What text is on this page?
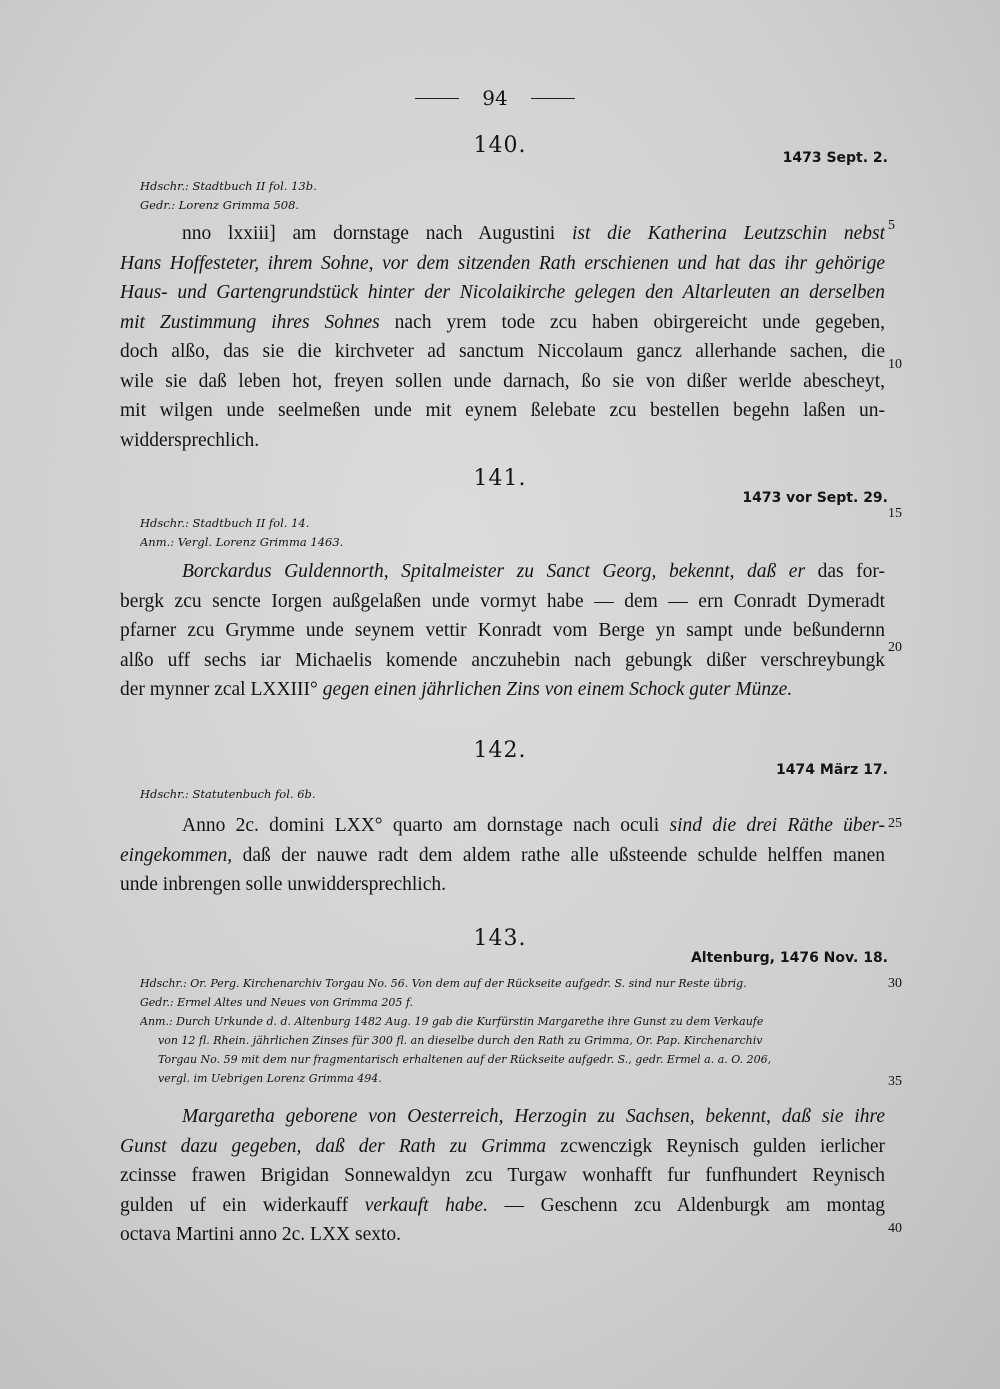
94
140.	1473 Sept. 2.
Hdschr.: Stadtbuch II fol. 13b.
Gedr.: Lorenz Grimma 508.
nno lxxiii] am dornstage nach Augustini ist die Katherina Leutzschin nebst
Hans Hoffesteter, ihrem Sohne, vor dem sitzenden Rath erschienen und hat das ihr gehörige
Haus- und Gartengrundstück hinter der Nicolaikirche gelegen den Altarleuten an derselben
mit Zustimmung ihres Sohnes nach yrem tode zcu haben obirgereicht unde gegeben,
doch alßo, das sie die kirchveter ad sanctum Niccolaum gancz allerhande sachen, die
wile sie daß leben hot, freyen sollen unde darnach, ßo sie von dißer werlde abescheyt,
mit wilgen unde seelmeßen unde mit eynem ßelebate zcu bestellen begehn laßen un-
widdersprechlich.
141.
1473 vor Sept. 29.
Hdschr.: Stadtbuch II fol. 14.
Anm.: Vergl. Lorenz Grimma 1463.
Borckardus Guldennorth, Spitalmeister zu Sanct Georg, bekennt, daß er das for-
bergk zcu sencte Iorgen außgelaßen unde vormyt habe — dem — ern Conradt Dymeradt
pfarner zcu Grymme unde seynem vettir Konradt vom Berge yn sampt unde beßundernn
alßo uff sechs iar Michaelis komende anczuhebin nach gebungk dißer verschreybungk
der mynner zcal LXXIII° gegen einen jährlichen Zins von einem Schock guter Münze.
142.
1474 März 17.
Hdschr.: Statutenbuch fol. 6b.
Anno 2c. domini LXX° quarto am dornstage nach oculi sind die drei Räthe über-
eingekommen, daß der nauwe radt dem aldem rathe alle ußsteende schulde helffen manen
unde inbrengen solle unwiddersprechlich.
143.
Altenburg, 1476 Nov. 18.
Hdschr.: Or. Perg. Kirchenarchiv Torgau No. 56. Von dem auf der Rückseite aufgedr. S. sind nur Reste übrig.
Gedr.: Ermel Altes und Neues von Grimma 205 f.
Anm.: Durch Urkunde d. d. Altenburg 1482 Aug. 19 gab die Kurfürstin Margarethe ihre Gunst zu dem Verkaufe
von 12 fl. Rhein. jährlichen Zinses für 300 fl. an dieselbe durch den Rath zu Grimma, Or. Pap. Kirchenarchiv
Torgau No. 59 mit dem nur fragmentarisch erhaltenen auf der Rückseite aufgedr. S., gedr. Ermel a. a. O. 206,
vergl. im Uebrigen Lorenz Grimma 494.
Margaretha geborene von Oesterreich, Herzogin zu Sachsen, bekennt, daß sie ihre
Gunst dazu gegeben, daß der Rath zu Grimma zcwenczigk Reynisch gulden ierlicher
zcinsse frawen Brigidan Sonnewaldyn zcu Turgaw wonhafft fur funfhundert Reynisch
gulden uf ein widerkauff verkauft habe. — Geschenn zcu Aldenburgk am montag
octava Martini anno 2c. LXX sexto.
5
10
15
20
25
30
35
40
